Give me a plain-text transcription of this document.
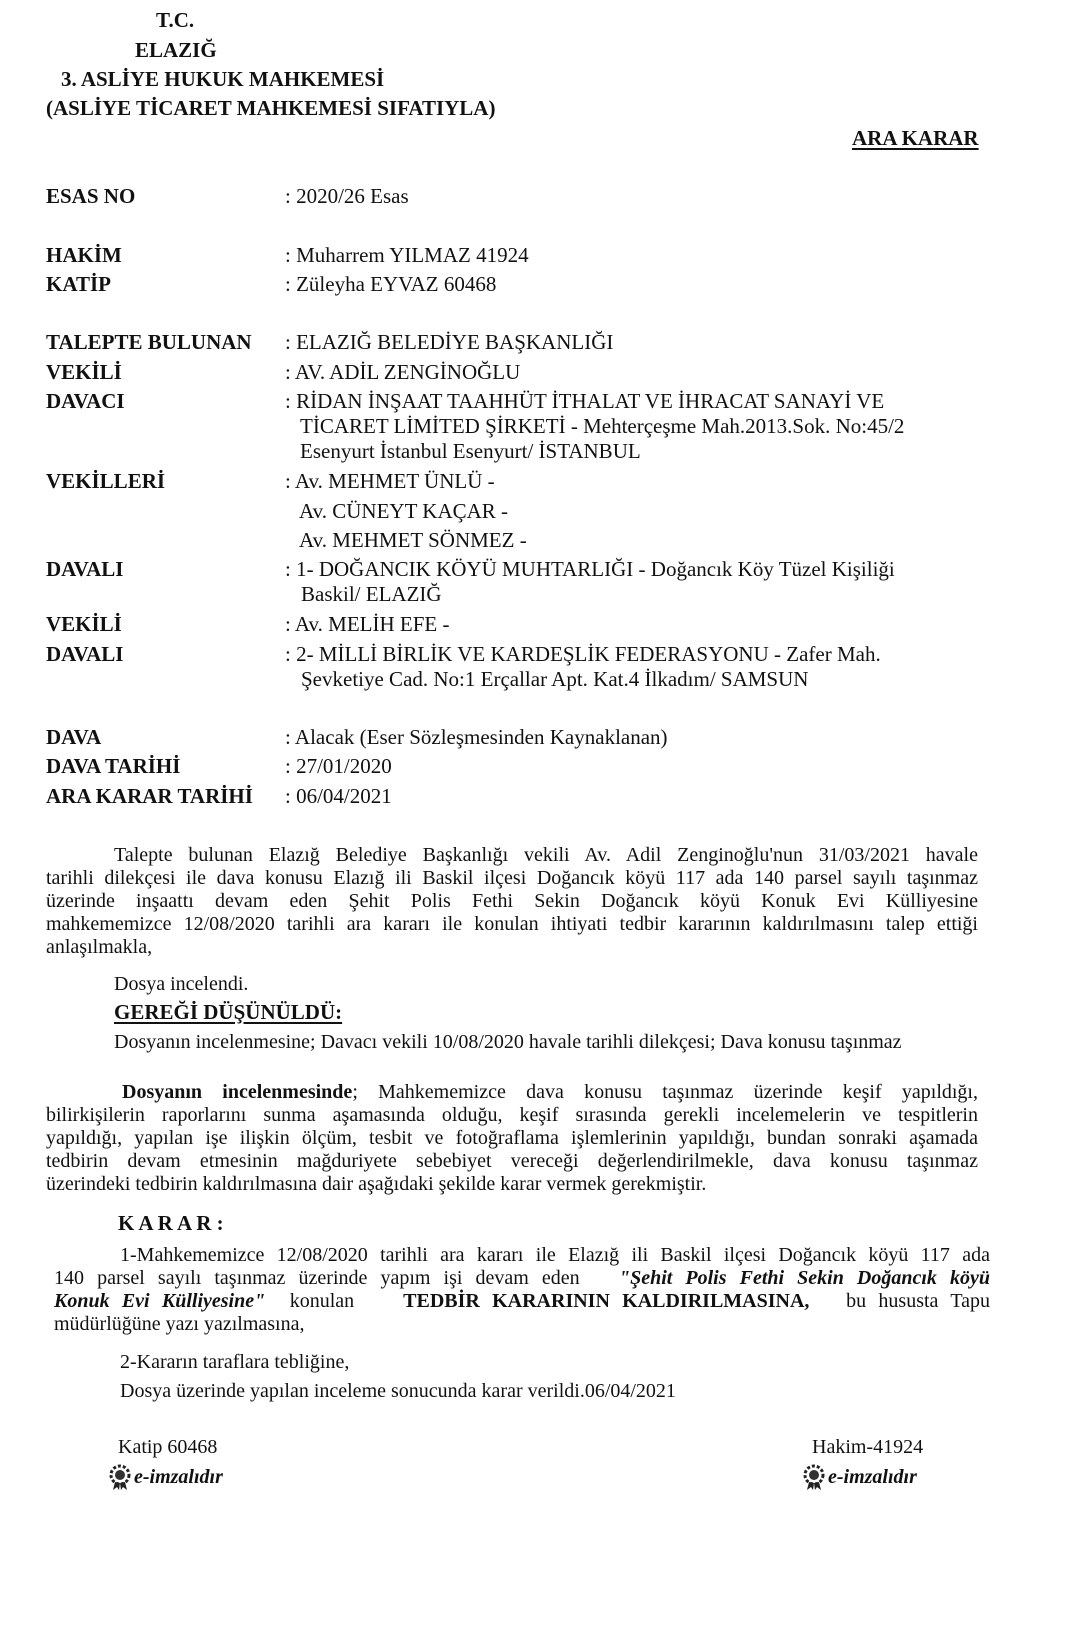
T.C.
ELAZIĞ
3. ASLİYE HUKUK MAHKEMESİ
(ASLİYE TİCARET MAHKEMESİ SIFATIYLA)
ARA KARAR
ESAS NO	: 2020/26 Esas
HAKİM	: Muharrem YILMAZ 41924
KATİP	: Züleyha EYVAZ 60468
TALEPTE BULUNAN : ELAZIĞ BELEDİYE BAŞKANLIĞI
VEKİLİ	: AV. ADİL ZENGİNOĞLU
DAVACI	: RİDAN İNŞAAT TAAHHÜT İTHALAT VE İHRACAT SANAYİ VE
TİCARET LİMİTED ŞİRKETİ - Mehterçeşme Mah.2013.Sok. No:45/2
Esenyurt İstanbul Esenyurt/ İSTANBUL
VEKİLLERİ	: Av. MEHMET ÜNLÜ -
Av. CÜNEYT KAÇAR -
Av. MEHMET SÖNMEZ -
DAVALI	: 1- DOĞANCIK KÖYÜ MUHTARLIĞI - Doğancık Köy Tüzel Kişiliği
Baskil/ ELAZIĞ
VEKİLİ	: Av. MELİH EFE -
DAVALI	: 2- MİLLİ BİRLİK VE KARDEŞLİK FEDERASYONU - Zafer Mah.
Şevketiye Cad. No:1 Erçallar Apt. Kat.4 İlkadım/ SAMSUN
DAVA	: Alacak (Eser Sözleşmesinden Kaynaklanan)
DAVA TARİHİ	: 27/01/2020
ARA KARAR TARİHİ : 06/04/2021
Talepte bulunan Elazığ Belediye Başkanlığı vekili Av. Adil Zenginoğlu'nun 31/03/2021 havale
tarihli dilekçesi ile dava konusu Elazığ ili Baskil ilçesi Doğancık köyü 117 ada 140 parsel sayılı taşınmaz
üzerinde inşaattı devam eden Şehit Polis Fethi Sekin Doğancık köyü Konuk Evi Külliyesine
mahkememizce 12/08/2020 tarihli ara kararı ile konulan ihtiyati tedbir kararının kaldırılmasını talep ettiği
anlaşılmakla,
Dosya incelendi.
GEREĞİ DÜŞÜNÜLDÜ:
Dosyanın incelenmesine; Davacı vekili 10/08/2020 havale tarihli dilekçesi; Dava konusu taşınmaz
Dosyanın incelenmesinde; Mahkememizce dava konusu taşınmaz üzerinde keşif yapıldığı,
bilirkişilerin raporlarını sunma aşamasında olduğu, keşif sırasında gerekli incelemelerin ve tespitlerin
yapıldığı, yapılan işe ilişkin ölçüm, tesbit ve fotoğraflama işlemlerinin yapıldığı, bundan sonraki aşamada
tedbirin devam etmesinin mağduriyete sebebiyet vereceği değerlendirilmekle, dava konusu taşınmaz
üzerindeki tedbirin kaldırılmasına dair aşağıdaki şekilde karar vermek gerekmiştir.
K A R A R :
1-Mahkememizce 12/08/2020 tarihli ara kararı ile Elazığ ili Baskil ilçesi Doğancık köyü 117 ada
140 parsel sayılı taşınmaz üzerinde yapım işi devam eden "Şehit Polis Fethi Sekin Doğancık köyü
Konuk Evi Külliyesine" konulan TEDBİR KARARININ KALDIRILMASINA, bu hususta Tapu
müdürlüğüne yazı yazılmasına,
2-Kararın taraflara tebliğine,
Dosya üzerinde yapılan inceleme sonucunda karar verildi.06/04/2021
Katip 60468
e-imzalıdır
Hakim-41924
e-imzalıdır
